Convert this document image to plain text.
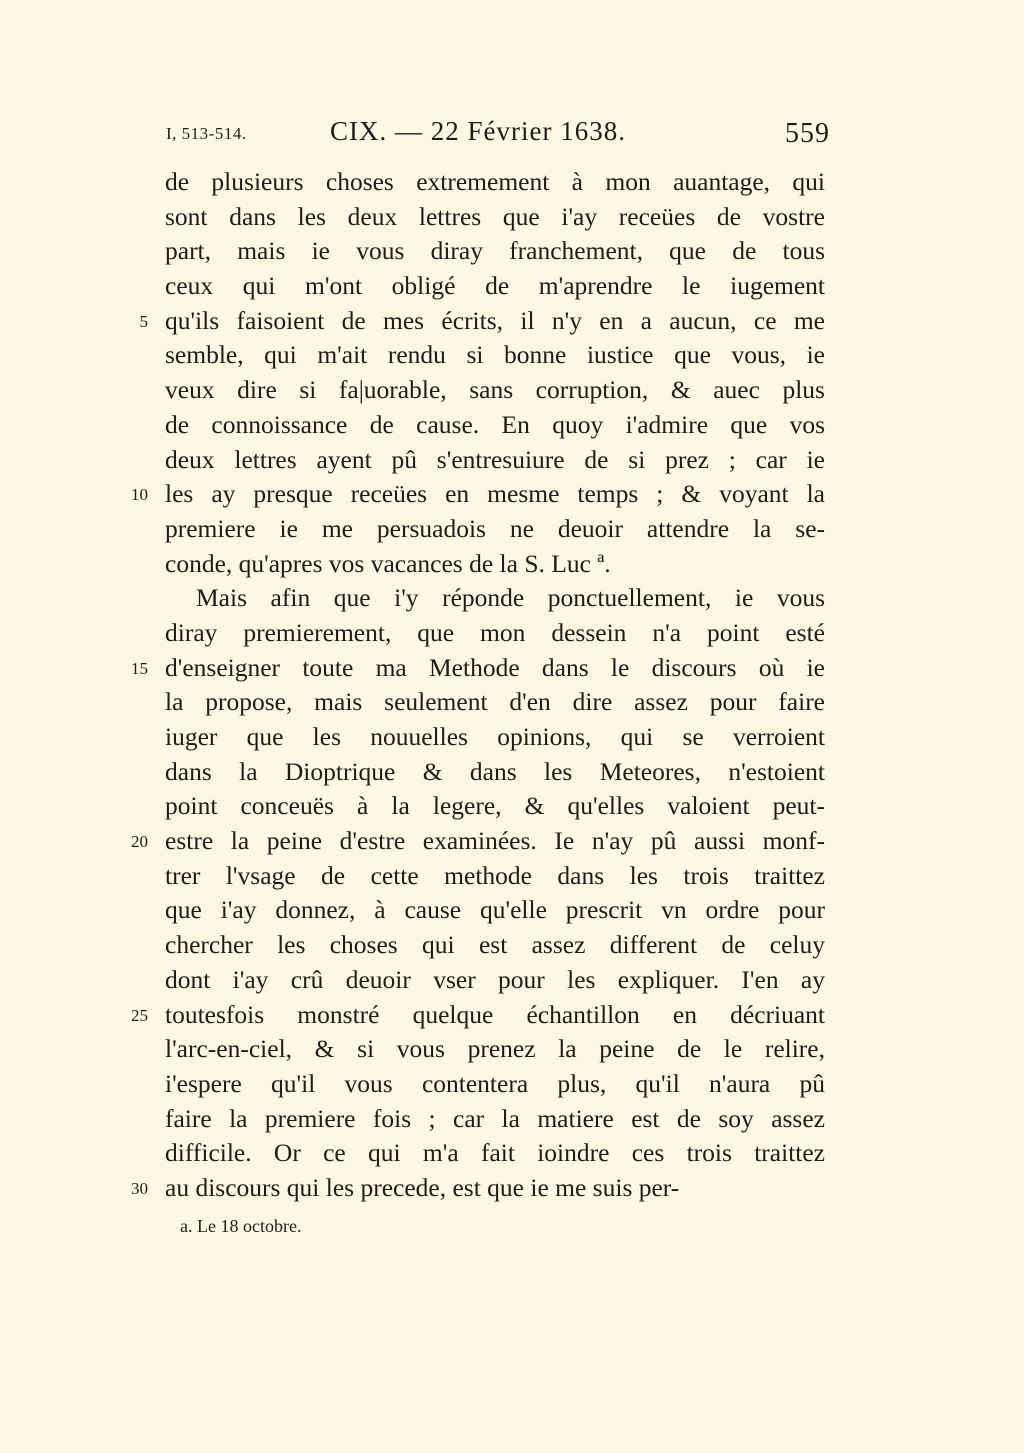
I, 513-514.	CIX. — 22 Février 1638.	559
de plusieurs choses extremement à mon auantage, qui
sont dans les deux lettres que i'ay receües de vostre
part, mais ie vous diray franchement, que de tous
ceux qui m'ont obligé de m'aprendre le iugement
5 qu'ils faisoient de mes écrits, il n'y en a aucun, ce me
semble, qui m'ait rendu si bonne iustice que vous, ie
veux dire si fa|uorable, sans corruption, & auec plus
de connoissance de cause. En quoy i'admire que vos
deux lettres ayent pû s'entresuiure de si prez ; car ie
10 les ay presque receües en mesme temps ; & voyant la
premiere ie me persuadois ne deuoir attendre la se-
conde, qu'apres vos vacances de la S. Luc ª.
Mais afin que i'y réponde ponctuellement, ie vous
diray premierement, que mon dessein n'a point esté
15 d'enseigner toute ma Methode dans le discours où ie
la propose, mais seulement d'en dire assez pour faire
iuger que les nouuelles opinions, qui se verroient
dans la Dioptrique & dans les Meteores, n'estoient
point conceuës à la legere, & qu'elles valoient peut-
20 estre la peine d'estre examinées. Ie n'ay pû aussi monf-
trer l'vsage de cette methode dans les trois traittez
que i'ay donnez, à cause qu'elle prescrit vn ordre pour
chercher les choses qui est assez different de celuy
dont i'ay crû deuoir vser pour les expliquer. I'en ay
25 toutesfois monstré quelque échantillon en décriuant
l'arc-en-ciel, & si vous prenez la peine de le relire,
i'espere qu'il vous contentera plus, qu'il n'aura pû
faire la premiere fois ; car la matiere est de soy assez
difficile. Or ce qui m'a fait ioindre ces trois traittez
30 au discours qui les precede, est que ie me suis per-
a. Le 18 octobre.
